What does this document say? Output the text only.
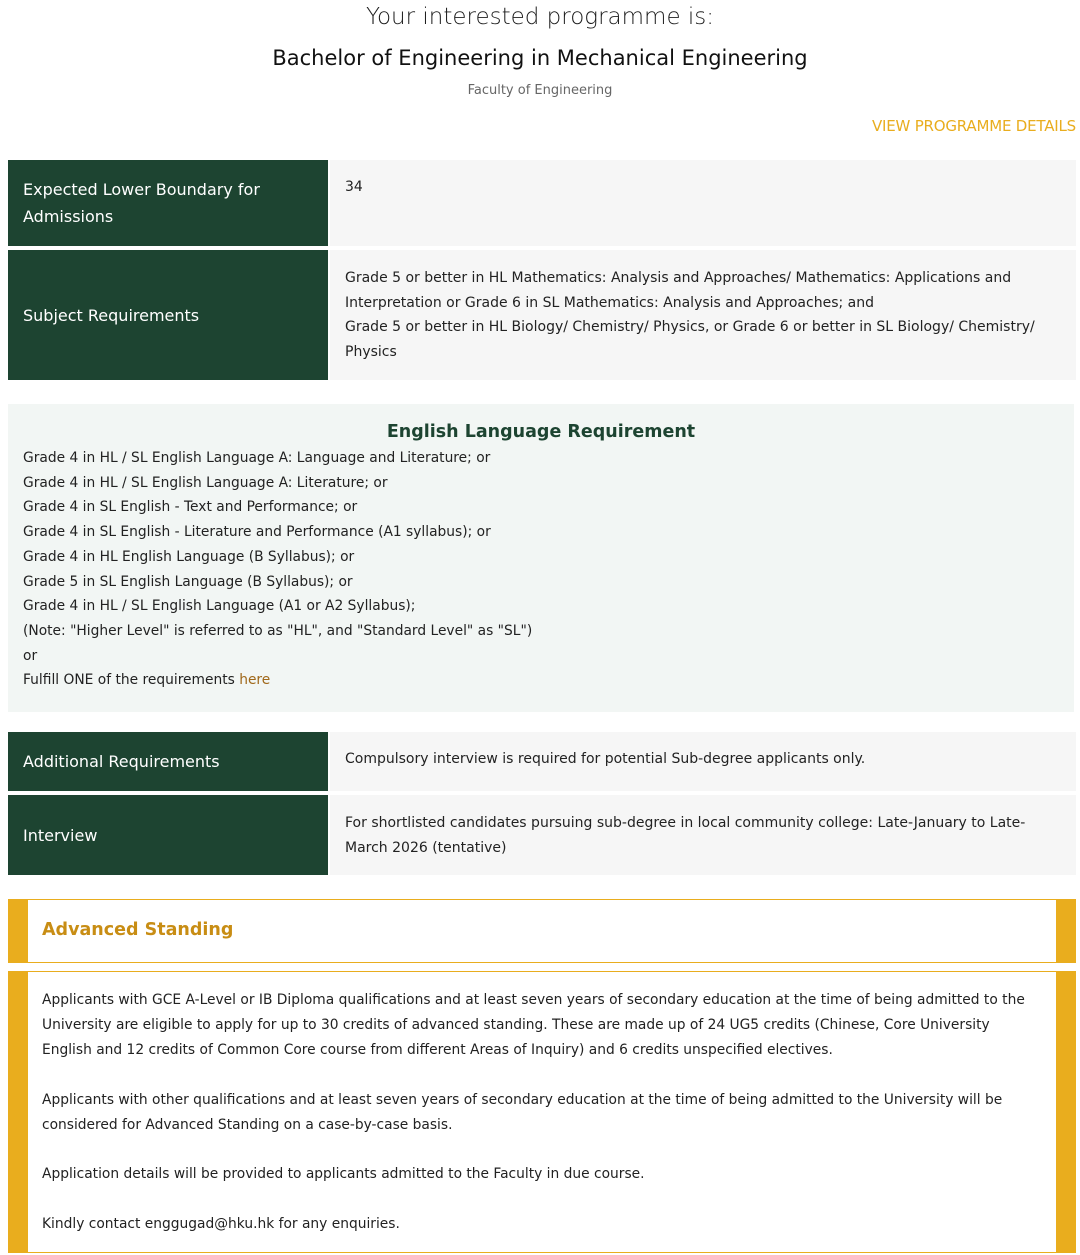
Your interested programme is:
Bachelor of Engineering in Mechanical Engineering
Faculty of Engineering
VIEW PROGRAMME DETAILS
Expected Lower Boundary for Admissions
34
Subject Requirements
Grade 5 or better in HL Mathematics: Analysis and Approaches/ Mathematics: Applications and Interpretation or Grade 6 in SL Mathematics: Analysis and Approaches; and
Grade 5 or better in HL Biology/ Chemistry/ Physics, or Grade 6 or better in SL Biology/ Chemistry/ Physics
English Language Requirement
Grade 4 in HL / SL English Language A: Language and Literature; or
Grade 4 in HL / SL English Language A: Literature; or
Grade 4 in SL English - Text and Performance; or
Grade 4 in SL English - Literature and Performance (A1 syllabus); or
Grade 4 in HL English Language (B Syllabus); or
Grade 5 in SL English Language (B Syllabus); or
Grade 4 in HL / SL English Language (A1 or A2 Syllabus);
(Note: "Higher Level" is referred to as "HL", and "Standard Level" as "SL")
or
Fulfill ONE of the requirements here
Additional Requirements	Compulsory interview is required for potential Sub-degree applicants only.
Interview
For shortlisted candidates pursuing sub-degree in local community college: Late-January to Late-March 2026 (tentative)
Advanced Standing

Applicants with GCE A-Level or IB Diploma qualifications and at least seven years of secondary education at the time of being admitted to the University are eligible to apply for up to 30 credits of advanced standing. These are made up of 24 UG5 credits (Chinese, Core University English and 12 credits of Common Core course from different Areas of Inquiry) and 6 credits unspecified electives.

Applicants with other qualifications and at least seven years of secondary education at the time of being admitted to the University will be considered for Advanced Standing on a case-by-case basis.

Application details will be provided to applicants admitted to the Faculty in due course.

Kindly contact enggugad@hku.hk for any enquiries.
